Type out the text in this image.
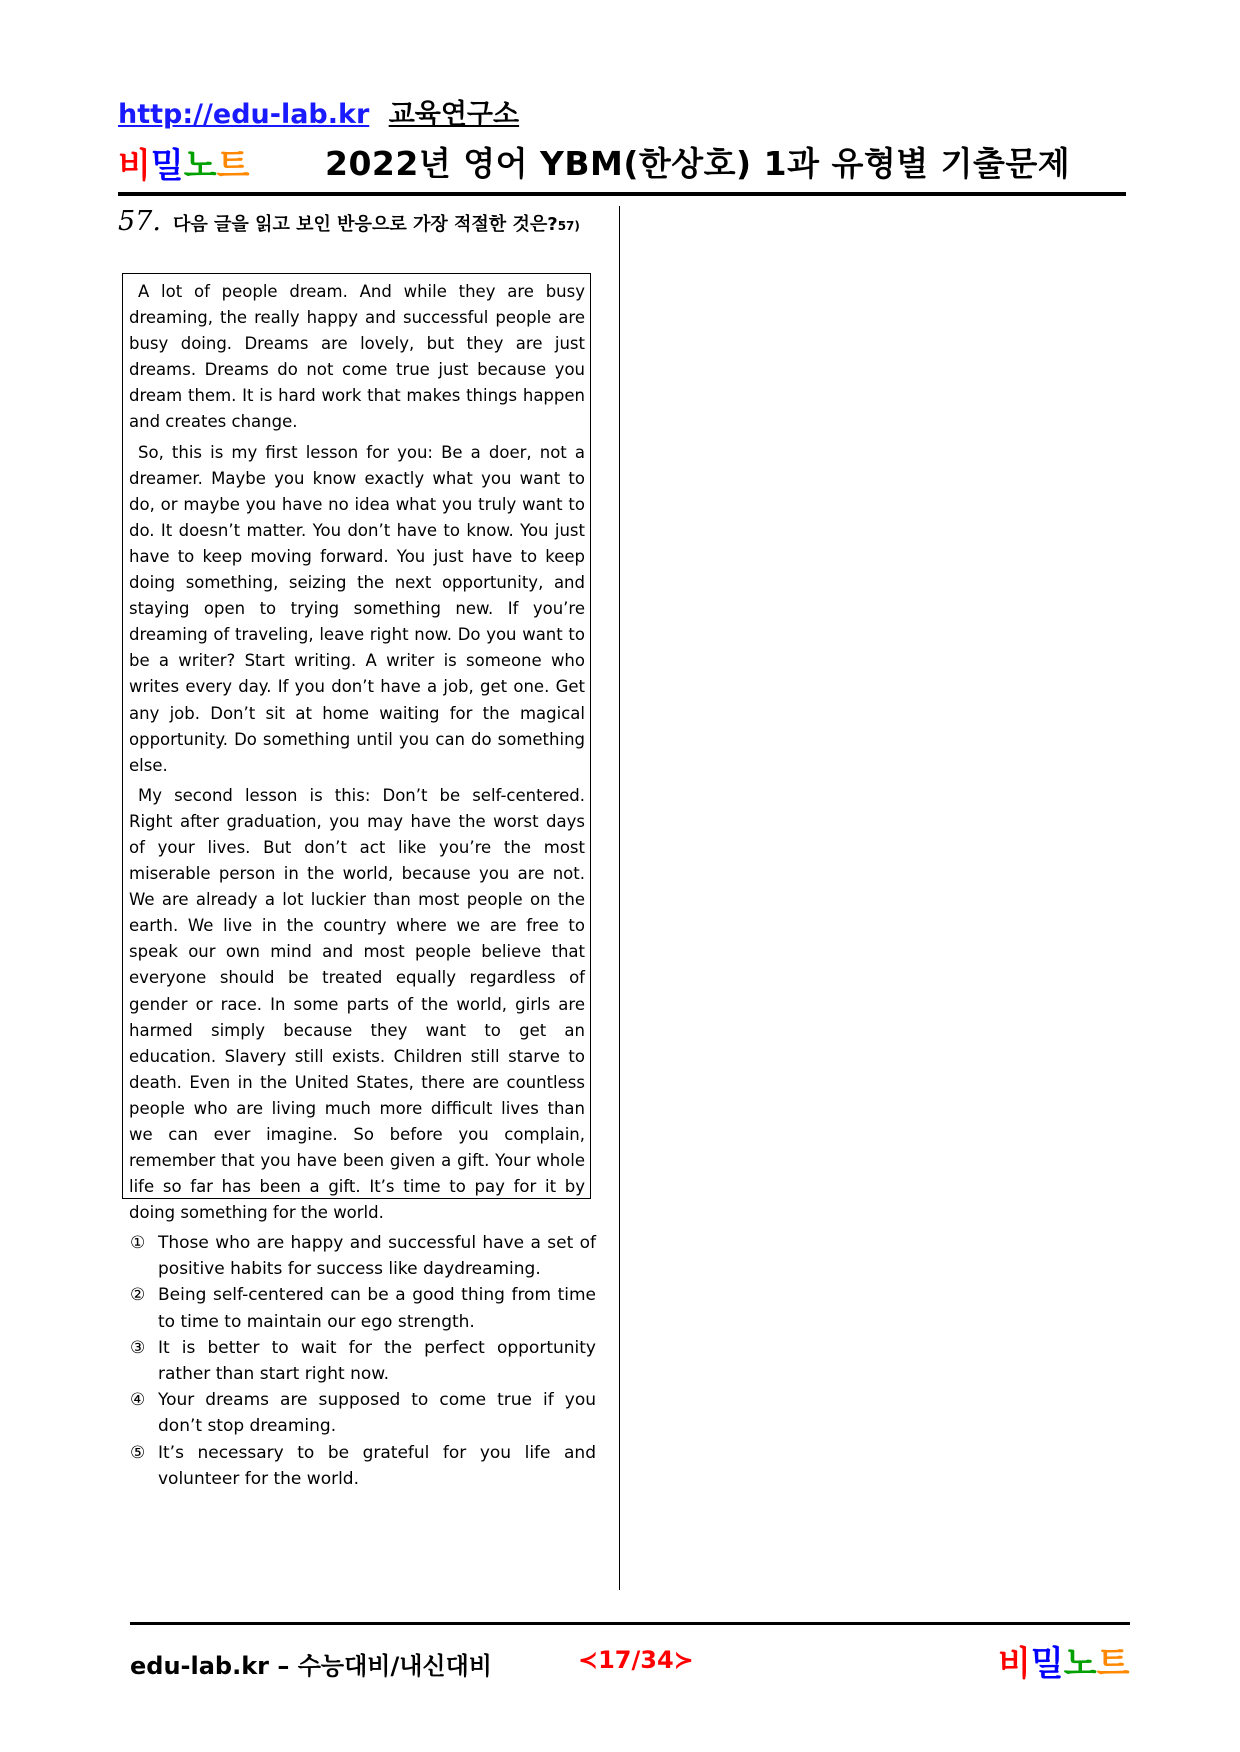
http://edu-lab.kr 교육연구소
비밀노트 2022년 영어 YBM(한상호) 1과 유형별 기출문제
57. 다음 글을 읽고 보인 반응으로 가장 적절한 것은?57)

A lot of people dream. And while they are busy dreaming, the really happy and successful people are busy doing. Dreams are lovely, but they are just dreams. Dreams do not come true just because you dream them. It is hard work that makes things happen and creates change.

So, this is my first lesson for you: Be a doer, not a dreamer. Maybe you know exactly what you want to do, or maybe you have no idea what you truly want to do. It doesn’t matter. You don’t have to know. You just have to keep moving forward. You just have to keep doing something, seizing the next opportunity, and staying open to trying something new. If you’re dreaming of traveling, leave right now. Do you want to be a writer? Start writing. A writer is someone who writes every day. If you don’t have a job, get one. Get any job. Don’t sit at home waiting for the magical opportunity. Do something until you can do something else.

My second lesson is this: Don’t be self-centered. Right after graduation, you may have the worst days of your lives. But don’t act like you’re the most miserable person in the world, because you are not. We are already a lot luckier than most people on the earth. We live in the country where we are free to speak our own mind and most people believe that everyone should be treated equally regardless of gender or race. In some parts of the world, girls are harmed simply because they want to get an education. Slavery still exists. Children still starve to death. Even in the United States, there are countless people who are living much more difficult lives than we can ever imagine. So before you complain, remember that you have been given a gift. Your whole life so far has been a gift. It’s time to pay for it by doing something for the world.

① Those who are happy and successful have a set of positive habits for success like daydreaming.
② Being self-centered can be a good thing from time to time to maintain our ego strength.
③ It is better to wait for the perfect opportunity rather than start right now.
④ Your dreams are supposed to come true if you don’t stop dreaming.
⑤ It’s necessary to be grateful for you life and volunteer for the world.
edu-lab.kr – 수능대비/내신대비	≺17/34≻	비밀노트
